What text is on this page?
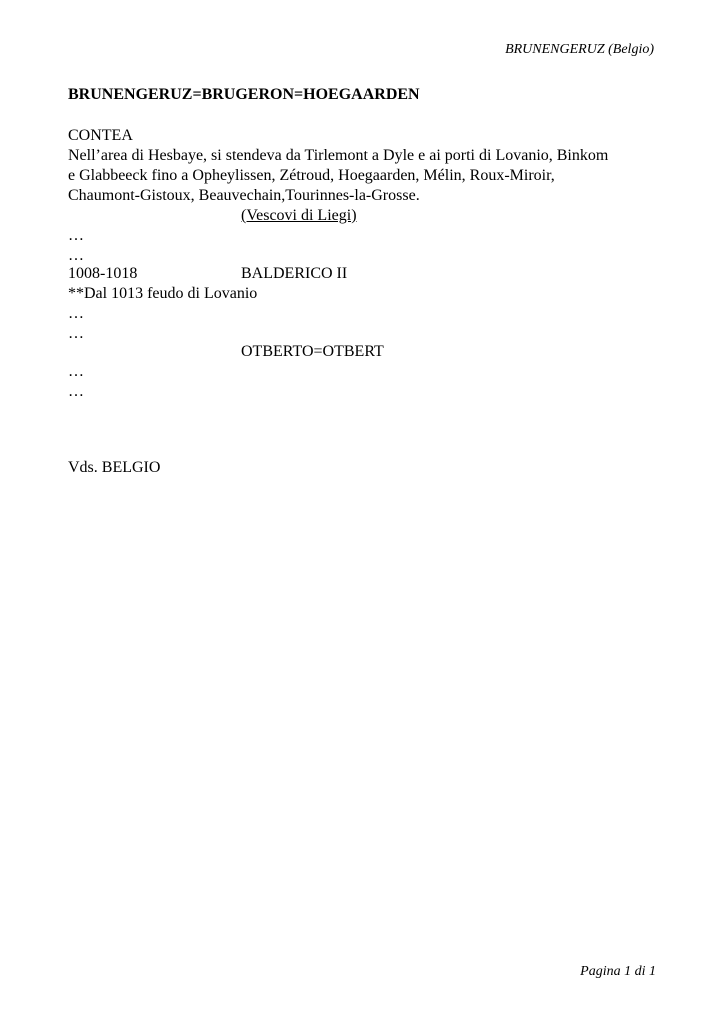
BRUNENGERUZ (Belgio)
BRUNENGERUZ=BRUGERON=HOEGAARDEN
CONTEA
Nell’area di Hesbaye, si stendeva da Tirlemont a Dyle e ai porti di Lovanio, Binkom
e Glabbeeck fino a Opheylissen, Zétroud, Hoegaarden, Mélin, Roux-Miroir,
Chaumont-Gistoux, Beauvechain,Tourinnes-la-Grosse.
(Vescovi di Liegi)
…
…
1008-1018	BALDERICO II
**Dal 1013 feudo di Lovanio
…
…
OTBERTO=OTBERT
…
…
Vds. BELGIO
Pagina 1 di 1
